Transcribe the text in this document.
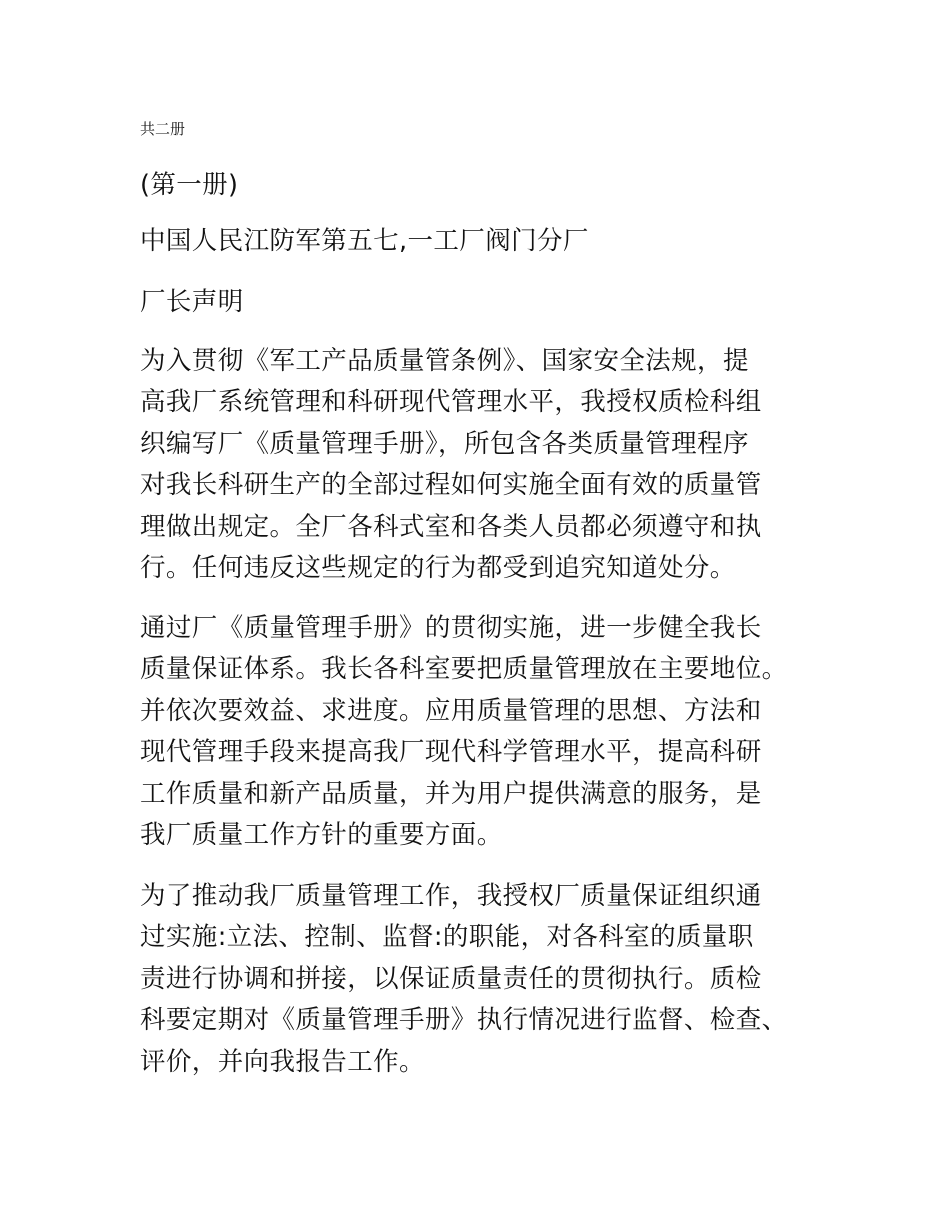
共二册
(第一册)
中国人民江防军第五七,一工厂阀门分厂
厂长声明
为入贯彻《军工产品质量管条例》、国家安全法规，提
高我厂系统管理和科研现代管理水平，我授权质检科组
织编写厂《质量管理手册》，所包含各类质量管理程序
对我长科研生产的全部过程如何实施全面有效的质量管
理做出规定。全厂各科式室和各类人员都必须遵守和执
行。任何违反这些规定的行为都受到追究知道处分。
通过厂《质量管理手册》的贯彻实施，进一步健全我长
质量保证体系。我长各科室要把质量管理放在主要地位。
并依次要效益、求进度。应用质量管理的思想、方法和
现代管理手段来提高我厂现代科学管理水平，提高科研
工作质量和新产品质量，并为用户提供满意的服务，是
我厂质量工作方针的重要方面。
为了推动我厂质量管理工作，我授权厂质量保证组织通
过实施:立法、控制、监督:的职能，对各科室的质量职
责进行协调和拼接，以保证质量责任的贯彻执行。质检
科要定期对《质量管理手册》执行情况进行监督、检查、
评价，并向我报告工作。
